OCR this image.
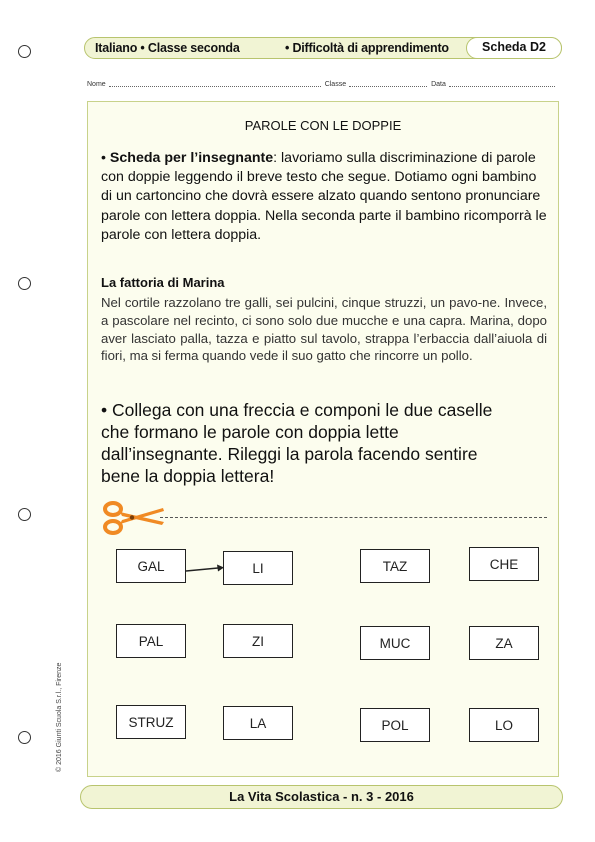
Italiano • Classe seconda	• Difficoltà di apprendimento	Scheda D2
Nome	Classe	Data
PAROLE CON LE DOPPIE
• Scheda per l’insegnante: lavoriamo sulla discriminazione di parole con doppie leggendo il breve testo che segue. Dotiamo ogni bambino di un cartoncino che dovrà essere alzato quando sentono pronunciare parole con lettera doppia. Nella seconda parte il bambino ricomporrà le parole con lettera doppia.
La fattoria di Marina
Nel cortile razzolano tre galli, sei pulcini, cinque struzzi, un pavo-ne. Invece, a pascolare nel recinto, ci sono solo due mucche e una capra. Marina, dopo aver lasciato palla, tazza e piatto sul tavolo, strappa l’erbaccia dall’aiuola di fiori, ma si ferma quando vede il suo gatto che rincorre un pollo.
• Collega con una freccia e componi le due caselle che formano le parole con doppia lette dall’insegnante. Rileggi la parola facendo sentire bene la doppia lettera!
GAL
PAL
STRUZ
LI
ZI
LA
TAZ
MUC
POL
CHE
ZA
LO
© 2016 Giunti Scuola S.r.l., Firenze
La Vita Scolastica - n. 3 - 2016
